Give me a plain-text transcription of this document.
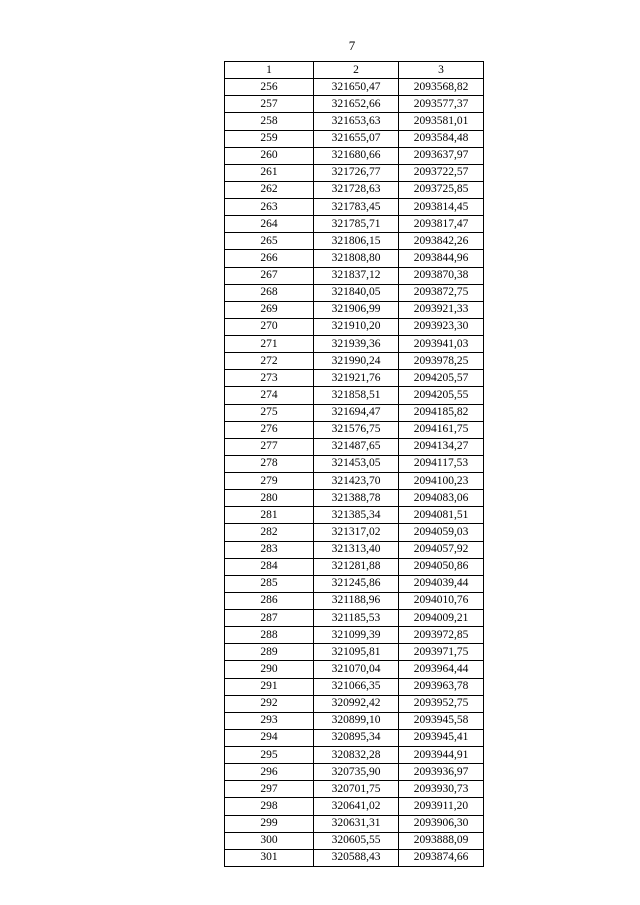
7
1	2	3
256	321650,47	2093568,82
257	321652,66	2093577,37
258	321653,63	2093581,01
259	321655,07	2093584,48
260	321680,66	2093637,97
261	321726,77	2093722,57
262	321728,63	2093725,85
263	321783,45	2093814,45
264	321785,71	2093817,47
265	321806,15	2093842,26
266	321808,80	2093844,96
267	321837,12	2093870,38
268	321840,05	2093872,75
269	321906,99	2093921,33
270	321910,20	2093923,30
271	321939,36	2093941,03
272	321990,24	2093978,25
273	321921,76	2094205,57
274	321858,51	2094205,55
275	321694,47	2094185,82
276	321576,75	2094161,75
277	321487,65	2094134,27
278	321453,05	2094117,53
279	321423,70	2094100,23
280	321388,78	2094083,06
281	321385,34	2094081,51
282	321317,02	2094059,03
283	321313,40	2094057,92
284	321281,88	2094050,86
285	321245,86	2094039,44
286	321188,96	2094010,76
287	321185,53	2094009,21
288	321099,39	2093972,85
289	321095,81	2093971,75
290	321070,04	2093964,44
291	321066,35	2093963,78
292	320992,42	2093952,75
293	320899,10	2093945,58
294	320895,34	2093945,41
295	320832,28	2093944,91
296	320735,90	2093936,97
297	320701,75	2093930,73
298	320641,02	2093911,20
299	320631,31	2093906,30
300	320605,55	2093888,09
301	320588,43	2093874,66
